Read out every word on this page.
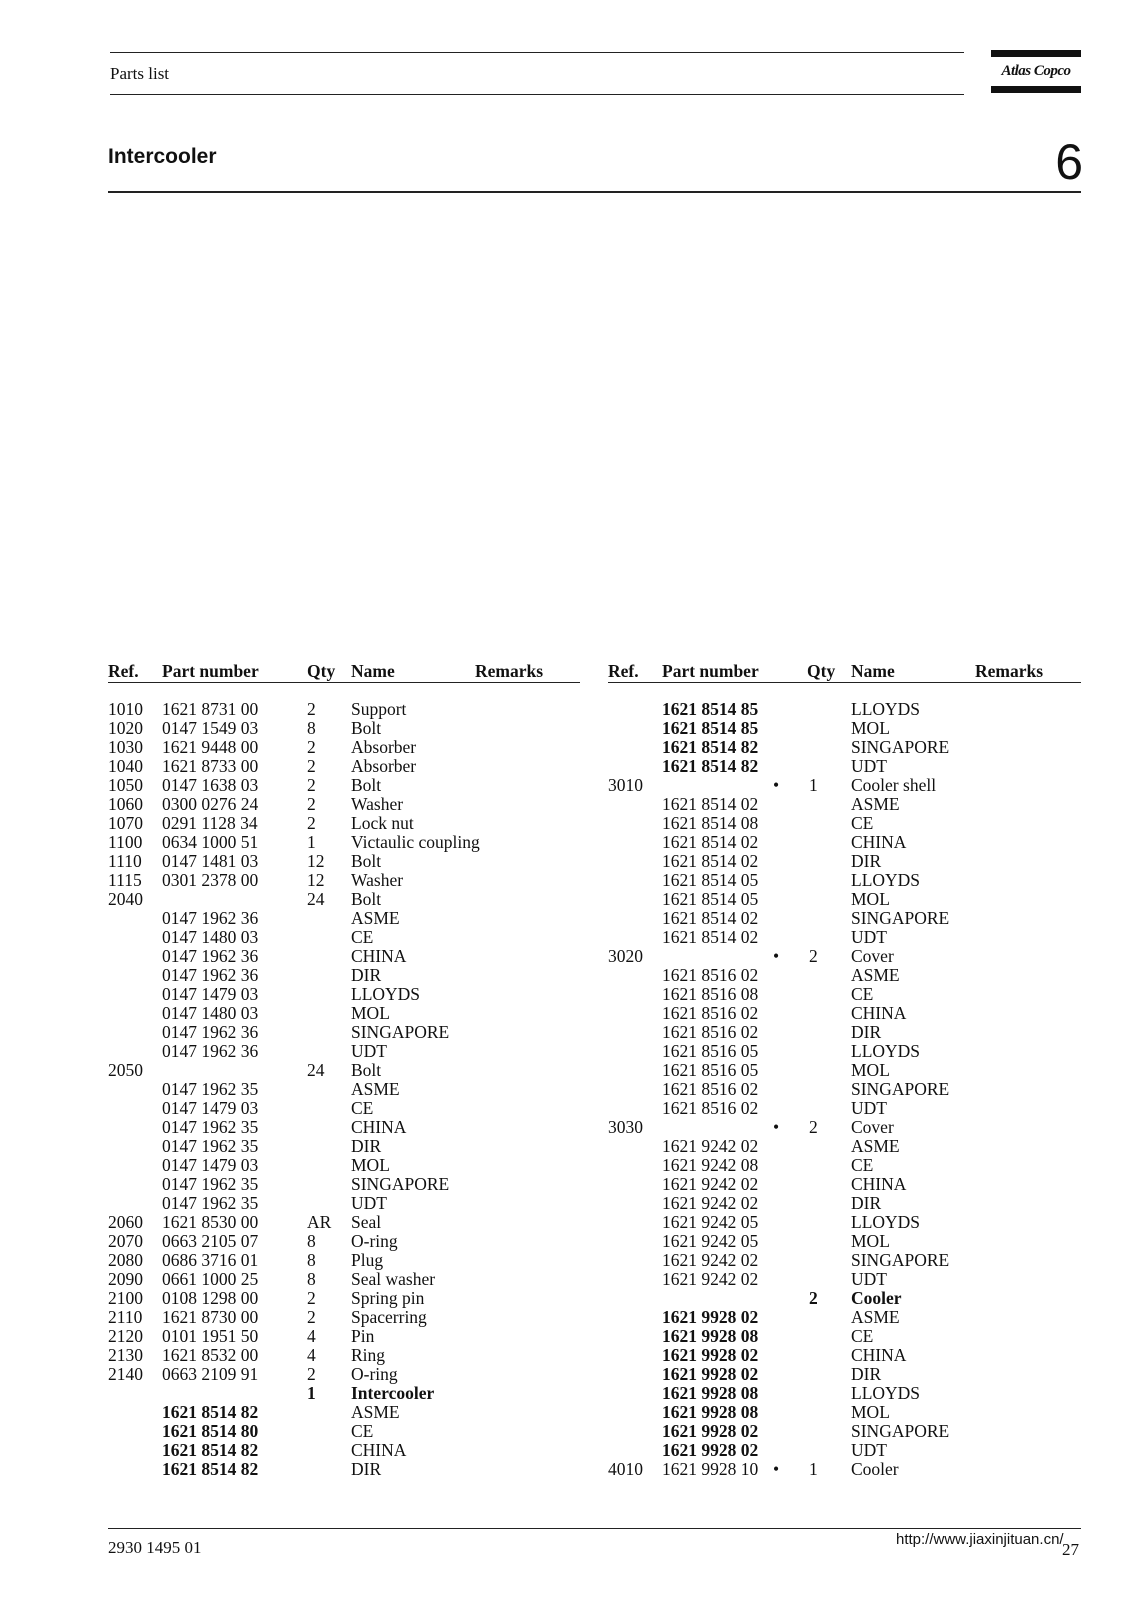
Parts list	Atlas Copco
Intercooler	6
Ref. Part number	Qty Name	Remarks
1010 1621 8731 00	2 Support
1020 0147 1549 03	8 Bolt
1030 1621 9448 00	2 Absorber
1040 1621 8733 00	2 Absorber
1050 0147 1638 03	2 Bolt
1060 0300 0276 24	2 Washer
1070 0291 1128 34	2 Lock nut
1100 0634 1000 51	1 Victaulic coupling
1110 0147 1481 03	12 Bolt
1115 0301 2378 00	12 Washer
2040	24 Bolt
0147 1962 36	ASME
0147 1480 03	CE
0147 1962 36	CHINA
0147 1962 36	DIR
0147 1479 03	LLOYDS
0147 1480 03	MOL
0147 1962 36	SINGAPORE
0147 1962 36	UDT
2050	24 Bolt
0147 1962 35	ASME
0147 1479 03	CE
0147 1962 35	CHINA
0147 1962 35	DIR
0147 1479 03	MOL
0147 1962 35	SINGAPORE
0147 1962 35	UDT
2060 1621 8530 00	AR Seal
2070 0663 2105 07	8 O-ring
2080 0686 3716 01	8 Plug
2090 0661 1000 25	8 Seal washer
2100 0108 1298 00	2 Spring pin
2110 1621 8730 00	2 Spacerring
2120 0101 1951 50	4 Pin
2130 1621 8532 00	4 Ring
2140 0663 2109 91	2 O-ring
1 Intercooler
1621 8514 82	ASME
1621 8514 80	CE
1621 8514 82	CHINA
1621 8514 82	DIR
Ref. Part number	Qty Name	Remarks
1621 8514 85	LLOYDS
1621 8514 85	MOL
1621 8514 82	SINGAPORE
1621 8514 82	UDT
3010	• 1 Cooler shell
1621 8514 02	ASME
1621 8514 08	CE
1621 8514 02	CHINA
1621 8514 02	DIR
1621 8514 05	LLOYDS
1621 8514 05	MOL
1621 8514 02	SINGAPORE
1621 8514 02	UDT
3020	• 2 Cover
1621 8516 02	ASME
1621 8516 08	CE
1621 8516 02	CHINA
1621 8516 02	DIR
1621 8516 05	LLOYDS
1621 8516 05	MOL
1621 8516 02	SINGAPORE
1621 8516 02	UDT
3030	• 2 Cover
1621 9242 02	ASME
1621 9242 08	CE
1621 9242 02	CHINA
1621 9242 02	DIR
1621 9242 05	LLOYDS
1621 9242 05	MOL
1621 9242 02	SINGAPORE
1621 9242 02	UDT
2 Cooler
1621 9928 02	ASME
1621 9928 08	CE
1621 9928 02	CHINA
1621 9928 02	DIR
1621 9928 08	LLOYDS
1621 9928 08	MOL
1621 9928 02	SINGAPORE
1621 9928 02	UDT
4010 1621 9928 10 • 1 Cooler
2930 1495 01	http://www.jiaxinjituan.cn/
27
